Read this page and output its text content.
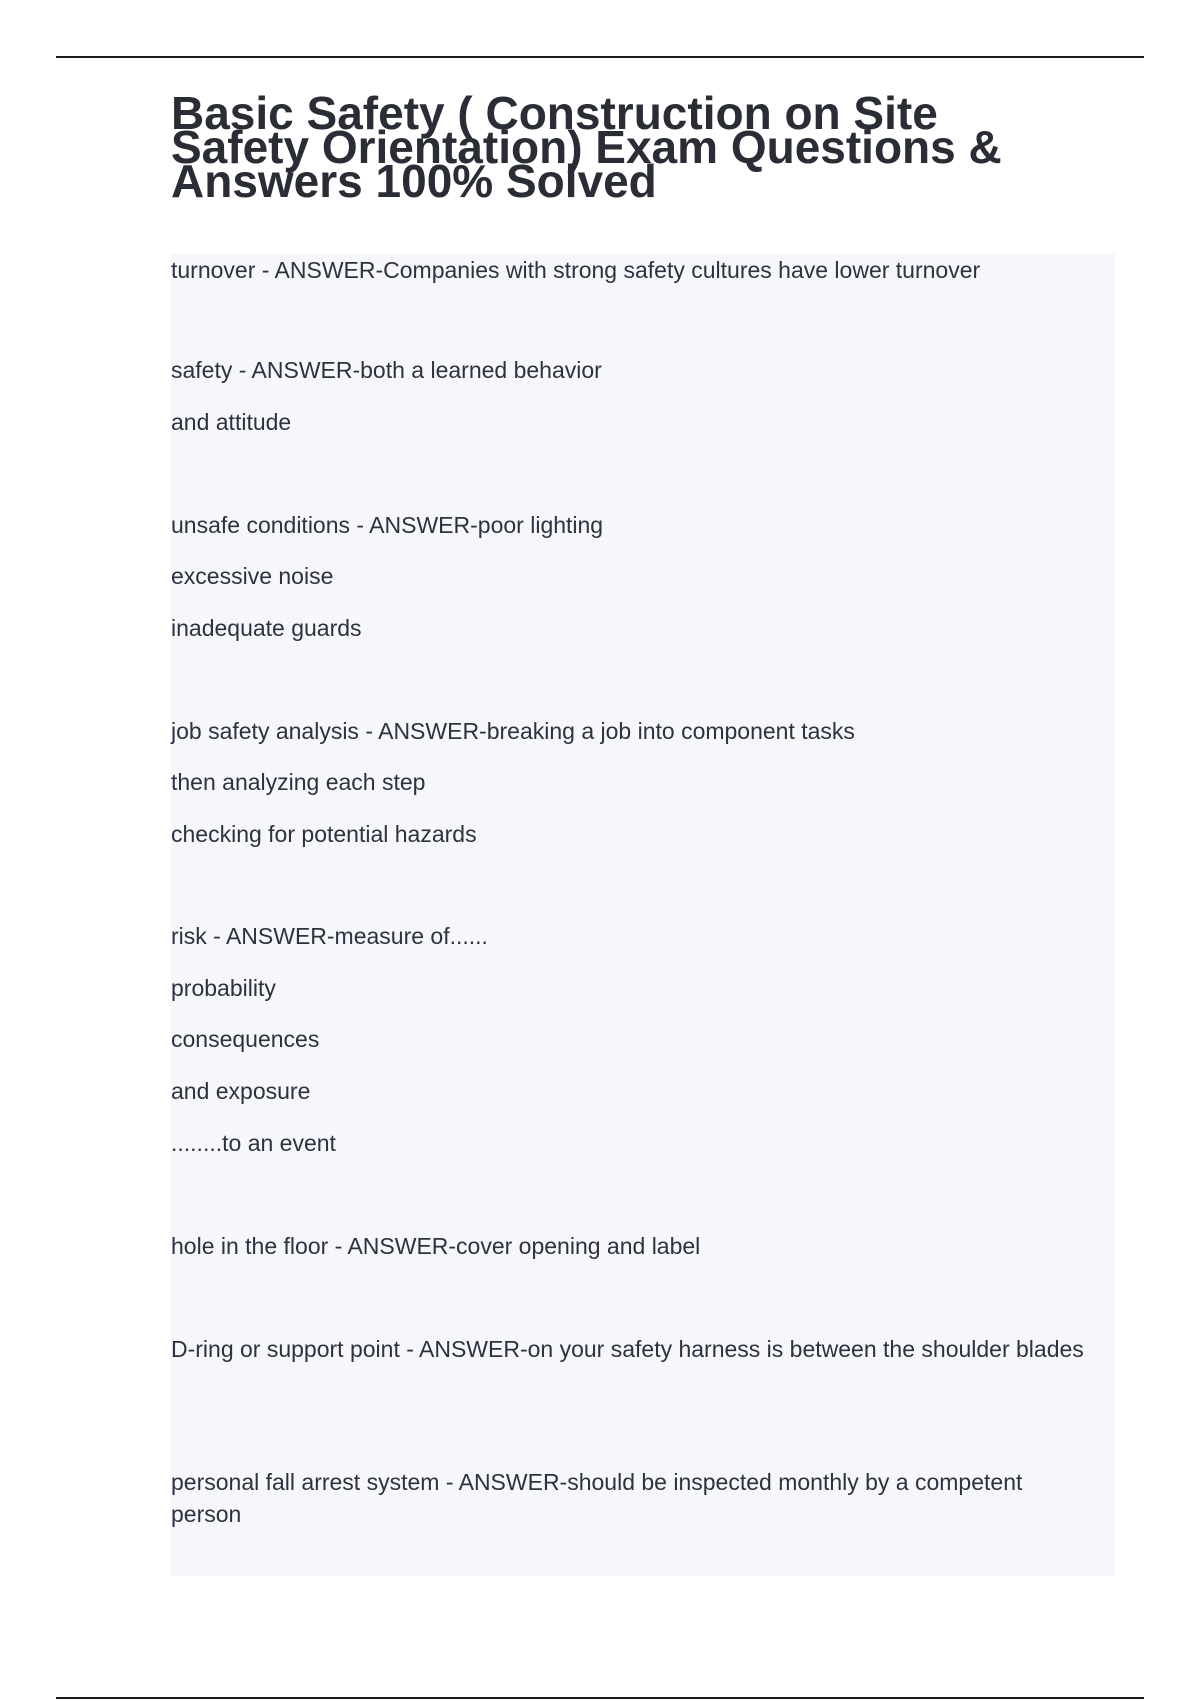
Basic Safety ( Construction on Site Safety Orientation) Exam Questions & Answers 100% Solved
turnover - ANSWER-Companies with strong safety cultures have lower turnover
safety - ANSWER-both a learned behavior
and attitude
unsafe conditions - ANSWER-poor lighting
excessive noise
inadequate guards
job safety analysis - ANSWER-breaking a job into component tasks
then analyzing each step
checking for potential hazards
risk - ANSWER-measure of......
probability
consequences
and exposure
........to an event
hole in the floor - ANSWER-cover opening and label
D-ring or support point - ANSWER-on your safety harness is between the shoulder blades
personal fall arrest system - ANSWER-should be inspected monthly by a competent person
